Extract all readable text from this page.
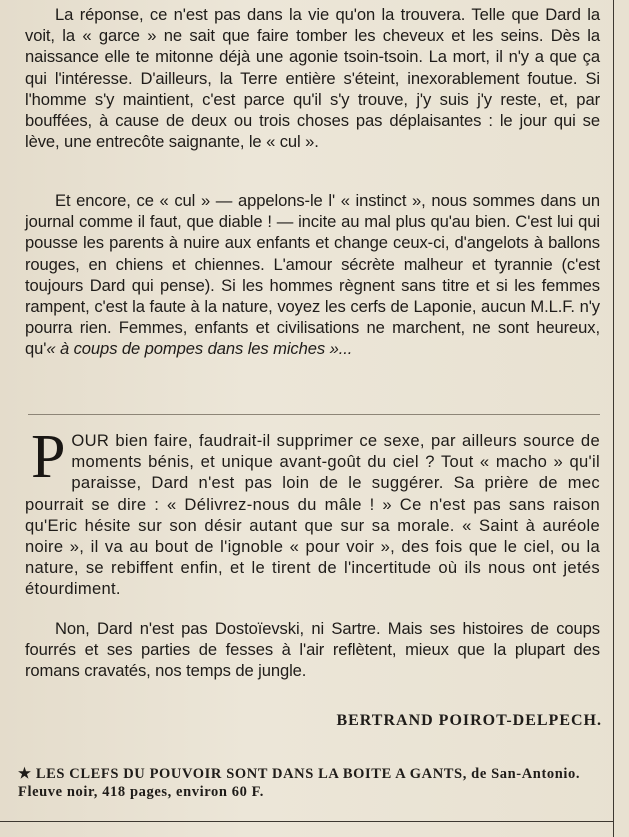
La réponse, ce n'est pas dans la vie qu'on la trouvera. Telle que Dard la voit, la « garce » ne sait que faire tomber les cheveux et les seins. Dès la naissance elle te mitonne déjà une agonie tsoin-tsoin. La mort, il n'y a que ça qui l'intéresse. D'ailleurs, la Terre entière s'éteint, inexorablement foutue. Si l'homme s'y maintient, c'est parce qu'il s'y trouve, j'y suis j'y reste, et, par bouffées, à cause de deux ou trois choses pas déplaisantes : le jour qui se lève, une entrecôte saignante, le « cul ».

Et encore, ce « cul » — appelons-le l' « instinct », nous sommes dans un journal comme il faut, que diable ! — incite au mal plus qu'au bien. C'est lui qui pousse les parents à nuire aux enfants et change ceux-ci, d'angelots à ballons rouges, en chiens et chiennes. L'amour sécrète malheur et tyrannie (c'est toujours Dard qui pense). Si les hommes règnent sans titre et si les femmes rampent, c'est la faute à la nature, voyez les cerfs de Laponie, aucun M.L.F. n'y pourra rien. Femmes, enfants et civilisations ne marchent, ne sont heureux, qu'« à coups de pompes dans les miches »...

POUR bien faire, faudrait-il supprimer ce sexe, par ailleurs source de moments bénis, et unique avant-goût du ciel ? Tout « macho » qu'il paraisse, Dard n'est pas loin de le suggérer. Sa prière de mec pourrait se dire : « Délivrez-nous du mâle ! » Ce n'est pas sans raison qu'Eric hésite sur son désir autant que sur sa morale. « Saint à auréole noire », il va au bout de l'ignoble « pour voir », des fois que le ciel, ou la nature, se rebiffent enfin, et le tirent de l'incertitude où ils nous ont jetés étourdiment.

Non, Dard n'est pas Dostoïevski, ni Sartre. Mais ses histoires de coups fourrés et ses parties de fesses à l'air reflètent, mieux que la plupart des romans cravatés, nos temps de jungle.

BERTRAND POIROT-DELPECH.
★ LES CLEFS DU POUVOIR SONT DANS LA BOITE A GANTS, de San-Antonio. Fleuve noir, 418 pages, environ 60 F.
